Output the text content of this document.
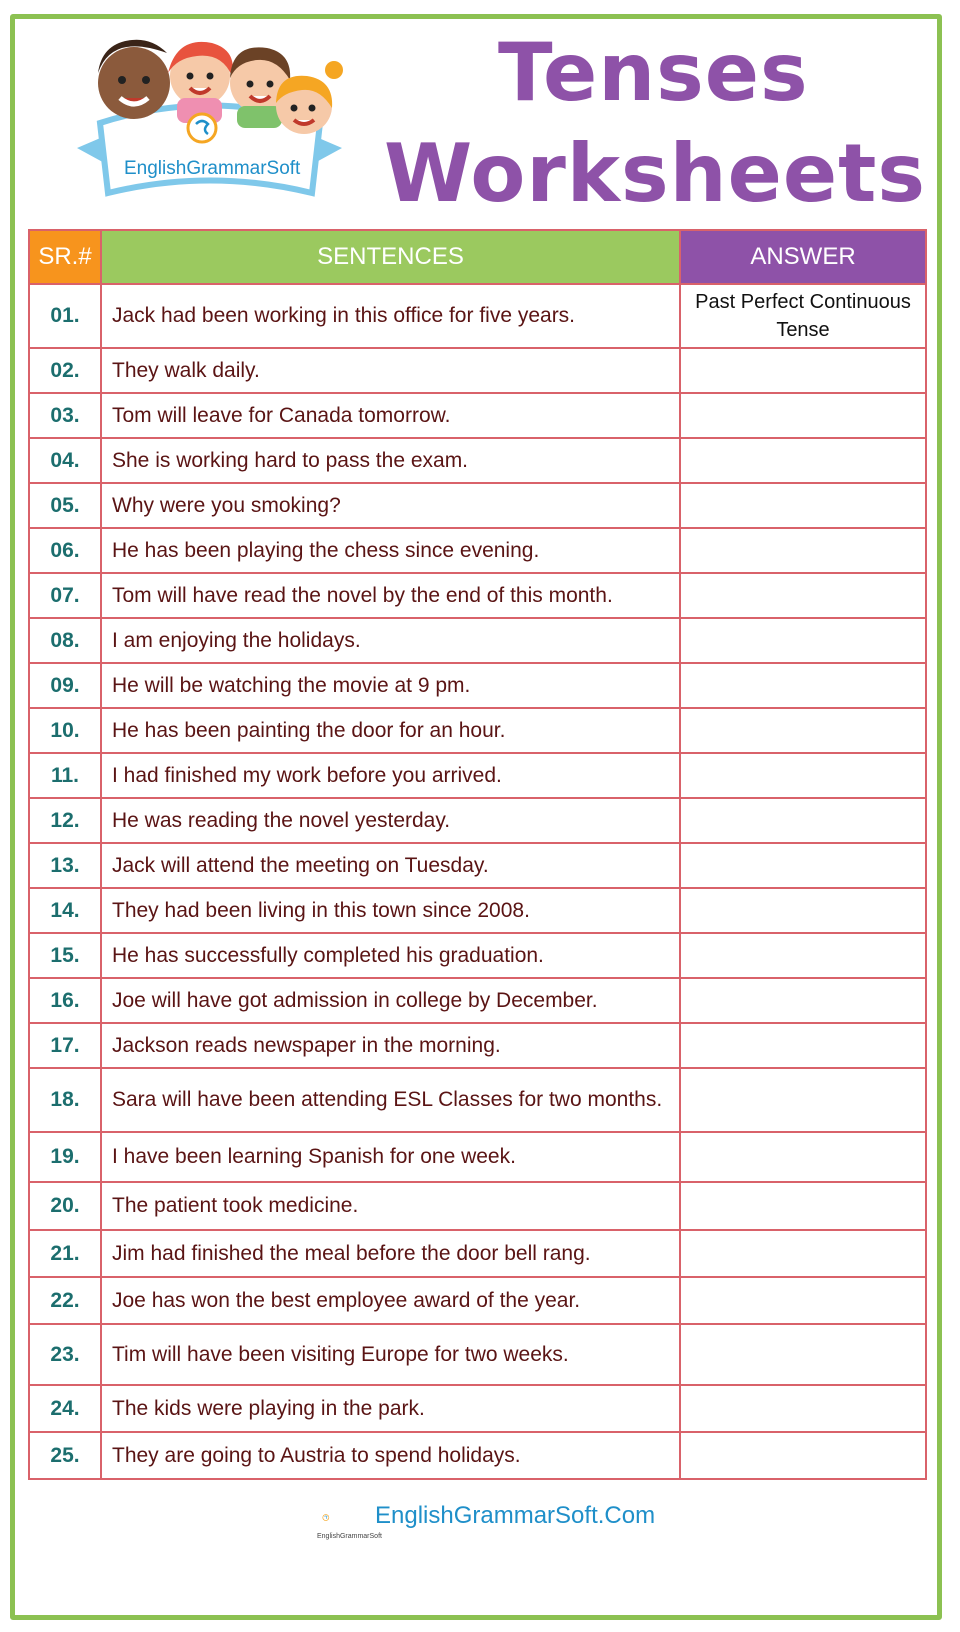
EnglishGrammarSoft
Tenses
Worksheets
SR.#	SENTENCES	ANSWER
01.	Jack had been working in this office for five years.	Past Perfect Continuous Tense
02.	They walk daily.	
03.	Tom will leave for Canada tomorrow.	
04.	She is working hard to pass the exam.	
05.	Why were you smoking?	
06.	He has been playing the chess since evening.	
07.	Tom will have read the novel by the end of this month.	
08.	I am enjoying the holidays.	
09.	He will be watching the movie at 9 pm.	
10.	He has been painting the door for an hour.	
11.	I had finished my work before you arrived.	
12.	He was reading the novel yesterday.	
13.	Jack will attend the meeting on Tuesday.	
14.	They had been living in this town since 2008.	
15.	He has successfully completed his graduation.	
16.	Joe will have got admission in college by December.	
17.	Jackson reads newspaper in the morning.	
18.	Sara will have been attending ESL Classes for two months.	
19.	I have been learning Spanish for one week.	
20.	The patient took medicine.	
21.	Jim had finished the meal before the door bell rang.	
22.	Joe has won the best employee award of the year.	
23.	Tim will have been visiting Europe for two weeks.	
24.	The kids were playing in the park.	
25.	They are going to Austria to spend holidays.	
EnglishGrammarSoft.Com
EnglishGrammarSoft
